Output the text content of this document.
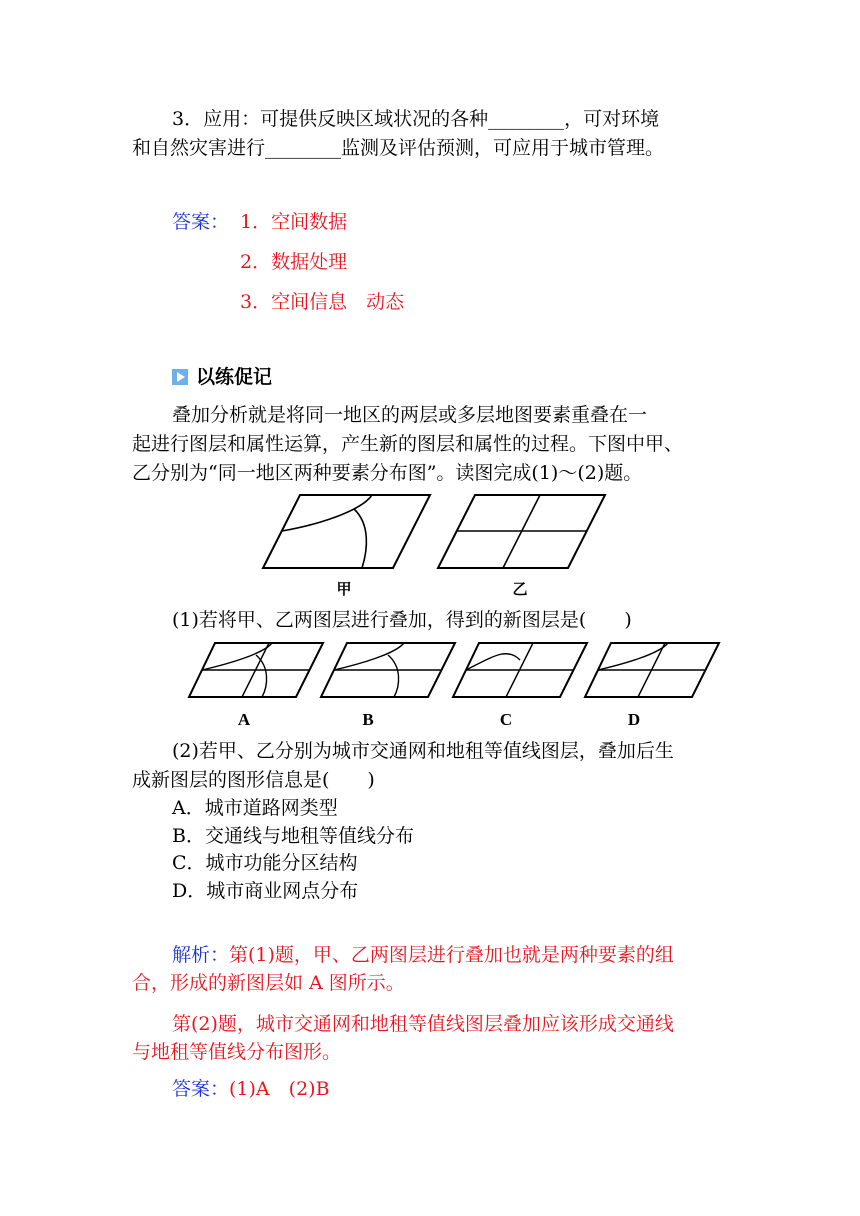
3．应用：可提供反映区域状况的各种________，可对环境
和自然灾害进行________监测及评估预测，可应用于城市管理。
答案： 1．空间数据
2．数据处理
3．空间信息　动态
以练促记
叠加分析就是将同一地区的两层或多层地图要素重叠在一
起进行图层和属性运算，产生新的图层和属性的过程。下图中甲、
乙分别为“同一地区两种要素分布图”。读图完成(1)～(2)题。
甲	乙
(1)若将甲、乙两图层进行叠加，得到的新图层是(　　)
A	B	C	D
(2)若甲、乙分别为城市交通网和地租等值线图层，叠加后生
成新图层的图形信息是(　　)
A．城市道路网类型
B．交通线与地租等值线分布
C．城市功能分区结构
D．城市商业网点分布
解析：第(1)题，甲、乙两图层进行叠加也就是两种要素的组
合，形成的新图层如 A 图所示。
第(2)题，城市交通网和地租等值线图层叠加应该形成交通线
与地租等值线分布图形。
答案：(1)A　(2)B
